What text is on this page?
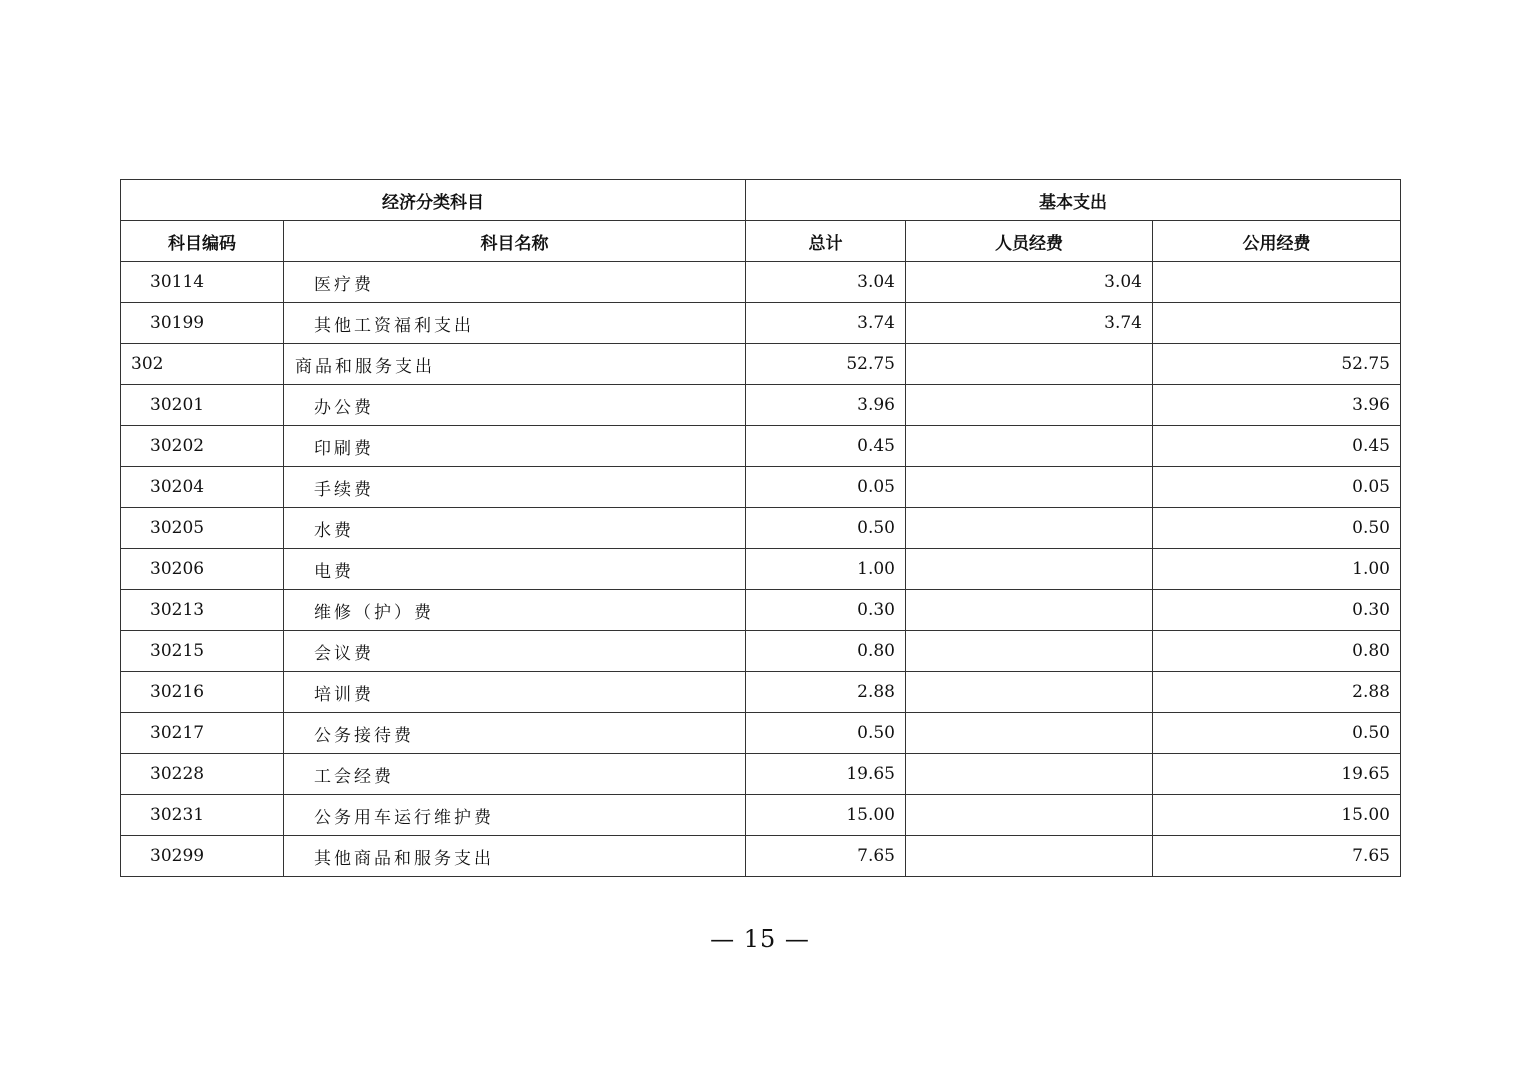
经济分类科目		基本支出		
科目编码	科目名称	总计	人员经费	公用经费
30114	医疗费	3.04	3.04	
30199	其他工资福利支出	3.74	3.74	
302	商品和服务支出	52.75		52.75
30201	办公费	3.96		3.96
30202	印刷费	0.45		0.45
30204	手续费	0.05		0.05
30205	水费	0.50		0.50
30206	电费	1.00		1.00
30213	维修（护）费	0.30		0.30
30215	会议费	0.80		0.80
30216	培训费	2.88		2.88
30217	公务接待费	0.50		0.50
30228	工会经费	19.65		19.65
30231	公务用车运行维护费	15.00		15.00
30299	其他商品和服务支出	7.65		7.65
— 15 —
